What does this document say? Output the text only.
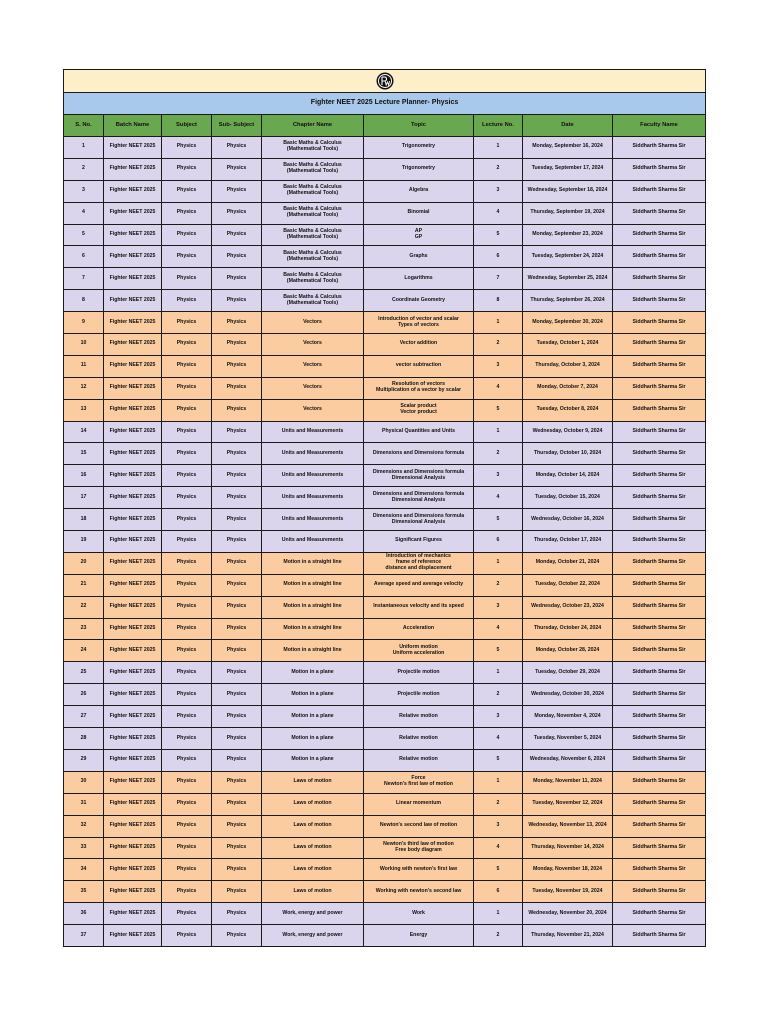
Fighter NEET 2025 Lecture Planner- Physics								
S. No.	Batch Name	Subject	Sub- Subject	Chapter Name	Topic	Lecture No.	Date	Faculty Name
1	Fighter NEET 2025	Physics	Physics	Basic Maths & Calculus
(Mathematical Tools)	Trigonometry	1	Monday, September 16, 2024	Siddharth Sharma Sir
2	Fighter NEET 2025	Physics	Physics	Basic Maths & Calculus
(Mathematical Tools)	Trigonometry	2	Tuesday, September 17, 2024	Siddharth Sharma Sir
3	Fighter NEET 2025	Physics	Physics	Basic Maths & Calculus
(Mathematical Tools)	Algebra	3	Wednesday, September 18, 2024	Siddharth Sharma Sir
4	Fighter NEET 2025	Physics	Physics	Basic Maths & Calculus
(Mathematical Tools)	Binomial	4	Thursday, September 19, 2024	Siddharth Sharma Sir
5	Fighter NEET 2025	Physics	Physics	Basic Maths & Calculus
(Mathematical Tools)	AP
GP	5	Monday, September 23, 2024	Siddharth Sharma Sir
6	Fighter NEET 2025	Physics	Physics	Basic Maths & Calculus
(Mathematical Tools)	Graphs	6	Tuesday, September 24, 2024	Siddharth Sharma Sir
7	Fighter NEET 2025	Physics	Physics	Basic Maths & Calculus
(Mathematical Tools)	Logarithms	7	Wednesday, September 25, 2024	Siddharth Sharma Sir
8	Fighter NEET 2025	Physics	Physics	Basic Maths & Calculus
(Mathematical Tools)	Coordinate Geometry	8	Thursday, September 26, 2024	Siddharth Sharma Sir
9	Fighter NEET 2025	Physics	Physics	Vectors	Introduction of vector and scalar
Types of vectors	1	Monday, September 30, 2024	Siddharth Sharma Sir
10	Fighter NEET 2025	Physics	Physics	Vectors	Vector addition	2	Tuesday, October 1, 2024	Siddharth Sharma Sir
11	Fighter NEET 2025	Physics	Physics	Vectors	vector subtraction	3	Thursday, October 3, 2024	Siddharth Sharma Sir
12	Fighter NEET 2025	Physics	Physics	Vectors	Resolution of vectors
Multiplication of a vector by scalar	4	Monday, October 7, 2024	Siddharth Sharma Sir
13	Fighter NEET 2025	Physics	Physics	Vectors	Scalar product
Vector product	5	Tuesday, October 8, 2024	Siddharth Sharma Sir
14	Fighter NEET 2025	Physics	Physics	Units and Measurements	Physical Quantities and Units	1	Wednesday, October 9, 2024	Siddharth Sharma Sir
15	Fighter NEET 2025	Physics	Physics	Units and Measurements	Dimensions and Dimensions formula	2	Thursday, October 10, 2024	Siddharth Sharma Sir
16	Fighter NEET 2025	Physics	Physics	Units and Measurements	Dimensions and Dimensions formula
Dimensional Analysis	3	Monday, October 14, 2024	Siddharth Sharma Sir
17	Fighter NEET 2025	Physics	Physics	Units and Measurements	Dimensions and Dimensions formula
Dimensional Analysis	4	Tuesday, October 15, 2024	Siddharth Sharma Sir
18	Fighter NEET 2025	Physics	Physics	Units and Measurements	Dimensions and Dimensions formula
Dimensional Analysis	5	Wednesday, October 16, 2024	Siddharth Sharma Sir
19	Fighter NEET 2025	Physics	Physics	Units and Measurements	Significant Figures	6	Thursday, October 17, 2024	Siddharth Sharma Sir
20	Fighter NEET 2025	Physics	Physics	Motion in a straight line	Introduction of mechanics
frame of reference
distance and displacement	1	Monday, October 21, 2024	Siddharth Sharma Sir
21	Fighter NEET 2025	Physics	Physics	Motion in a straight line	Average speed and average velocity	2	Tuesday, October 22, 2024	Siddharth Sharma Sir
22	Fighter NEET 2025	Physics	Physics	Motion in a straight line	Instantaneous velocity and its speed	3	Wednesday, October 23, 2024	Siddharth Sharma Sir
23	Fighter NEET 2025	Physics	Physics	Motion in a straight line	Acceleration	4	Thursday, October 24, 2024	Siddharth Sharma Sir
24	Fighter NEET 2025	Physics	Physics	Motion in a straight line	Uniform motion
Uniform acceleration	5	Monday, October 28, 2024	Siddharth Sharma Sir
25	Fighter NEET 2025	Physics	Physics	Motion in a plane	Projectile motion	1	Tuesday, October 29, 2024	Siddharth Sharma Sir
26	Fighter NEET 2025	Physics	Physics	Motion in a plane	Projectile motion	2	Wednesday, October 30, 2024	Siddharth Sharma Sir
27	Fighter NEET 2025	Physics	Physics	Motion in a plane	Relative motion	3	Monday, November 4, 2024	Siddharth Sharma Sir
28	Fighter NEET 2025	Physics	Physics	Motion in a plane	Relative motion	4	Tuesday, November 5, 2024	Siddharth Sharma Sir
29	Fighter NEET 2025	Physics	Physics	Motion in a plane	Relative motion	5	Wednesday, November 6, 2024	Siddharth Sharma Sir
30	Fighter NEET 2025	Physics	Physics	Laws of motion	Force
Newton's first law of motion	1	Monday, November 11, 2024	Siddharth Sharma Sir
31	Fighter NEET 2025	Physics	Physics	Laws of motion	Linear momentum	2	Tuesday, November 12, 2024	Siddharth Sharma Sir
32	Fighter NEET 2025	Physics	Physics	Laws of motion	Newton's second law of motion	3	Wednesday, November 13, 2024	Siddharth Sharma Sir
33	Fighter NEET 2025	Physics	Physics	Laws of motion	Newton's third law of motion
Free body diagram	4	Thursday, November 14, 2024	Siddharth Sharma Sir
34	Fighter NEET 2025	Physics	Physics	Laws of motion	Working with newton's first law	5	Monday, November 18, 2024	Siddharth Sharma Sir
35	Fighter NEET 2025	Physics	Physics	Laws of motion	Working with newton's second law	6	Tuesday, November 19, 2024	Siddharth Sharma Sir
36	Fighter NEET 2025	Physics	Physics	Work, energy and power	Work	1	Wednesday, November 20, 2024	Siddharth Sharma Sir
37	Fighter NEET 2025	Physics	Physics	Work, energy and power	Energy	2	Thursday, November 21, 2024	Siddharth Sharma Sir
